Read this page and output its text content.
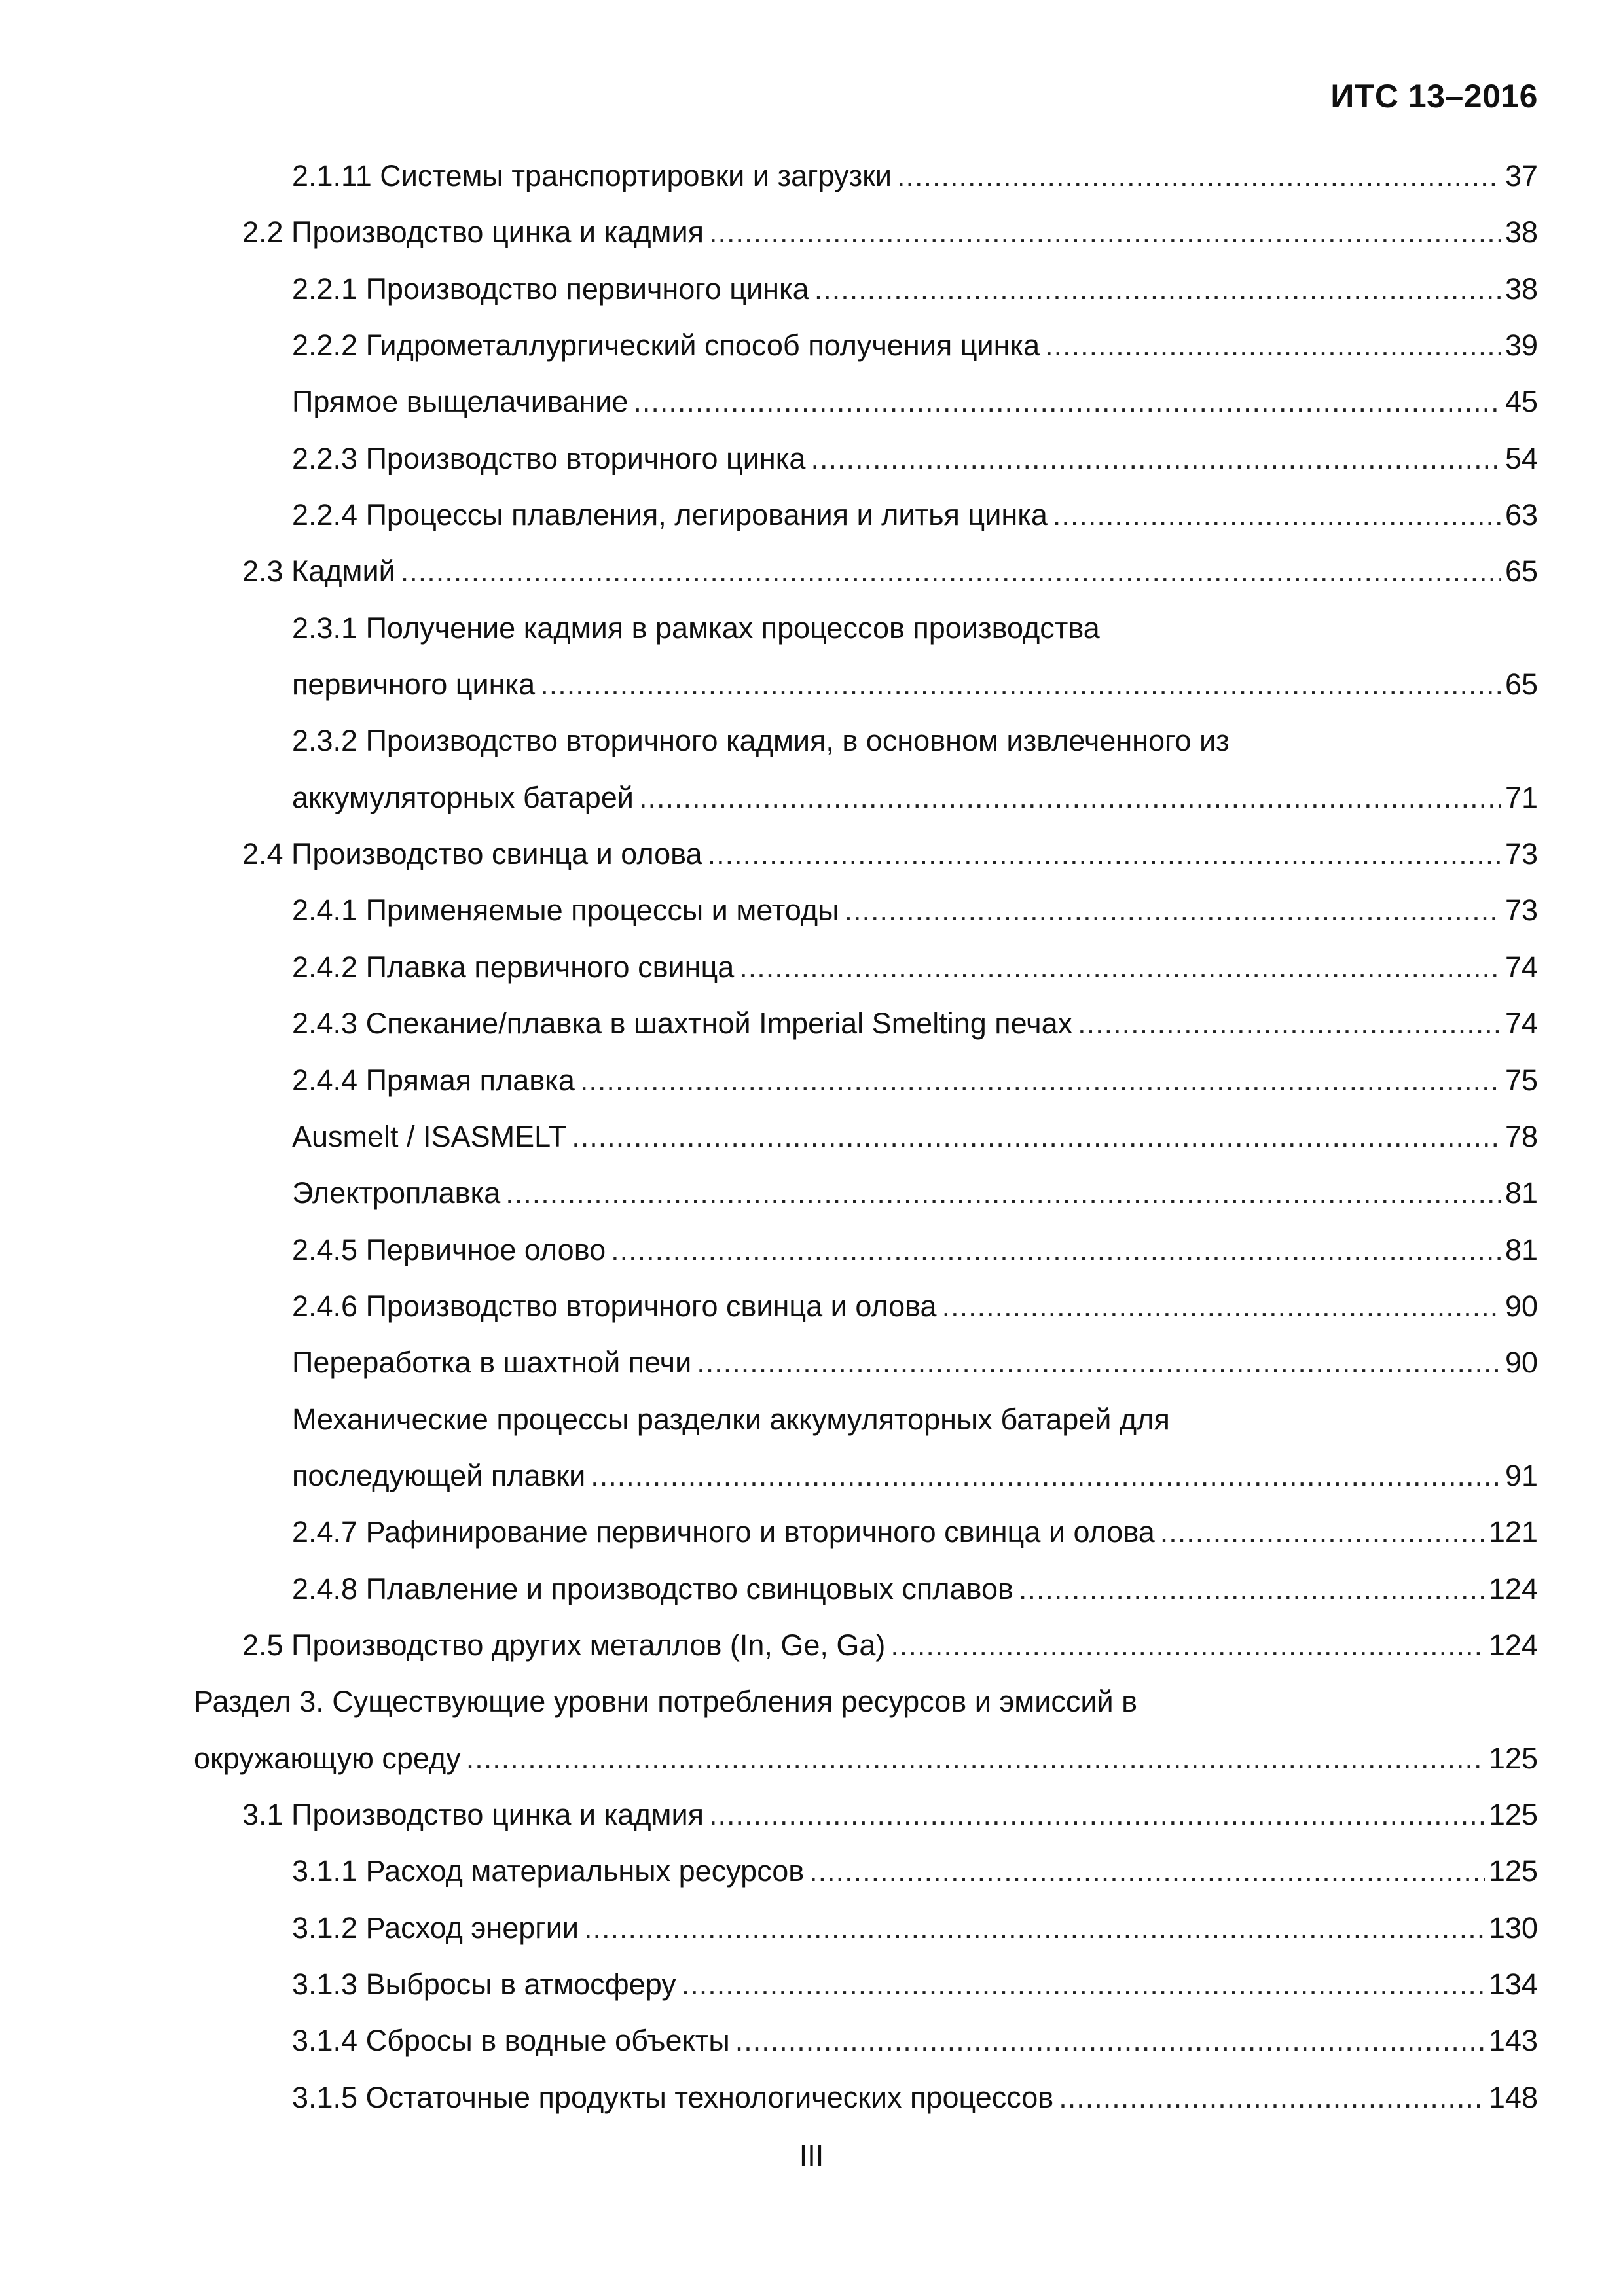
ИТС 13–2016
2.1.11 Системы транспортировки и загрузки .....	37
2.2 Производство цинка и кадмия .....	38
2.2.1 Производство первичного цинка .....	38
2.2.2 Гидрометаллургический способ получения цинка .....	39
Прямое выщелачивание .....	45
2.2.3 Производство вторичного цинка .....	54
2.2.4 Процессы плавления, легирования и литья цинка .....	63
2.3 Кадмий .....	65
2.3.1 Получение кадмия в рамках процессов производства
первичного цинка .....	65
2.3.2 Производство вторичного кадмия, в основном извлеченного из
аккумуляторных батарей .....	71
2.4 Производство свинца и олова .....	73
2.4.1 Применяемые процессы и методы .....	73
2.4.2 Плавка первичного свинца .....	74
2.4.3 Спекание/плавка в шахтной Imperial Smelting печах .....	74
2.4.4 Прямая плавка .....	75
Ausmelt / ISASMELT .....	78
Электроплавка .....	81
2.4.5 Первичное олово .....	81
2.4.6 Производство вторичного свинца и олова .....	90
Переработка в шахтной печи .....	90
Механические процессы разделки аккумуляторных батарей для
последующей плавки .....	91
2.4.7 Рафинирование первичного и вторичного свинца и олова .....	121
2.4.8 Плавление и производство свинцовых сплавов .....	124
2.5 Производство других металлов (In, Ge, Ga) .....	124
Раздел 3. Существующие уровни потребления ресурсов и эмиссий в
окружающую среду .....	125
3.1 Производство цинка и кадмия .....	125
3.1.1 Расход материальных ресурсов .....	125
3.1.2 Расход энергии .....	130
3.1.3 Выбросы в атмосферу .....	134
3.1.4 Сбросы в водные объекты .....	143
3.1.5 Остаточные продукты технологических процессов .....	148
III
